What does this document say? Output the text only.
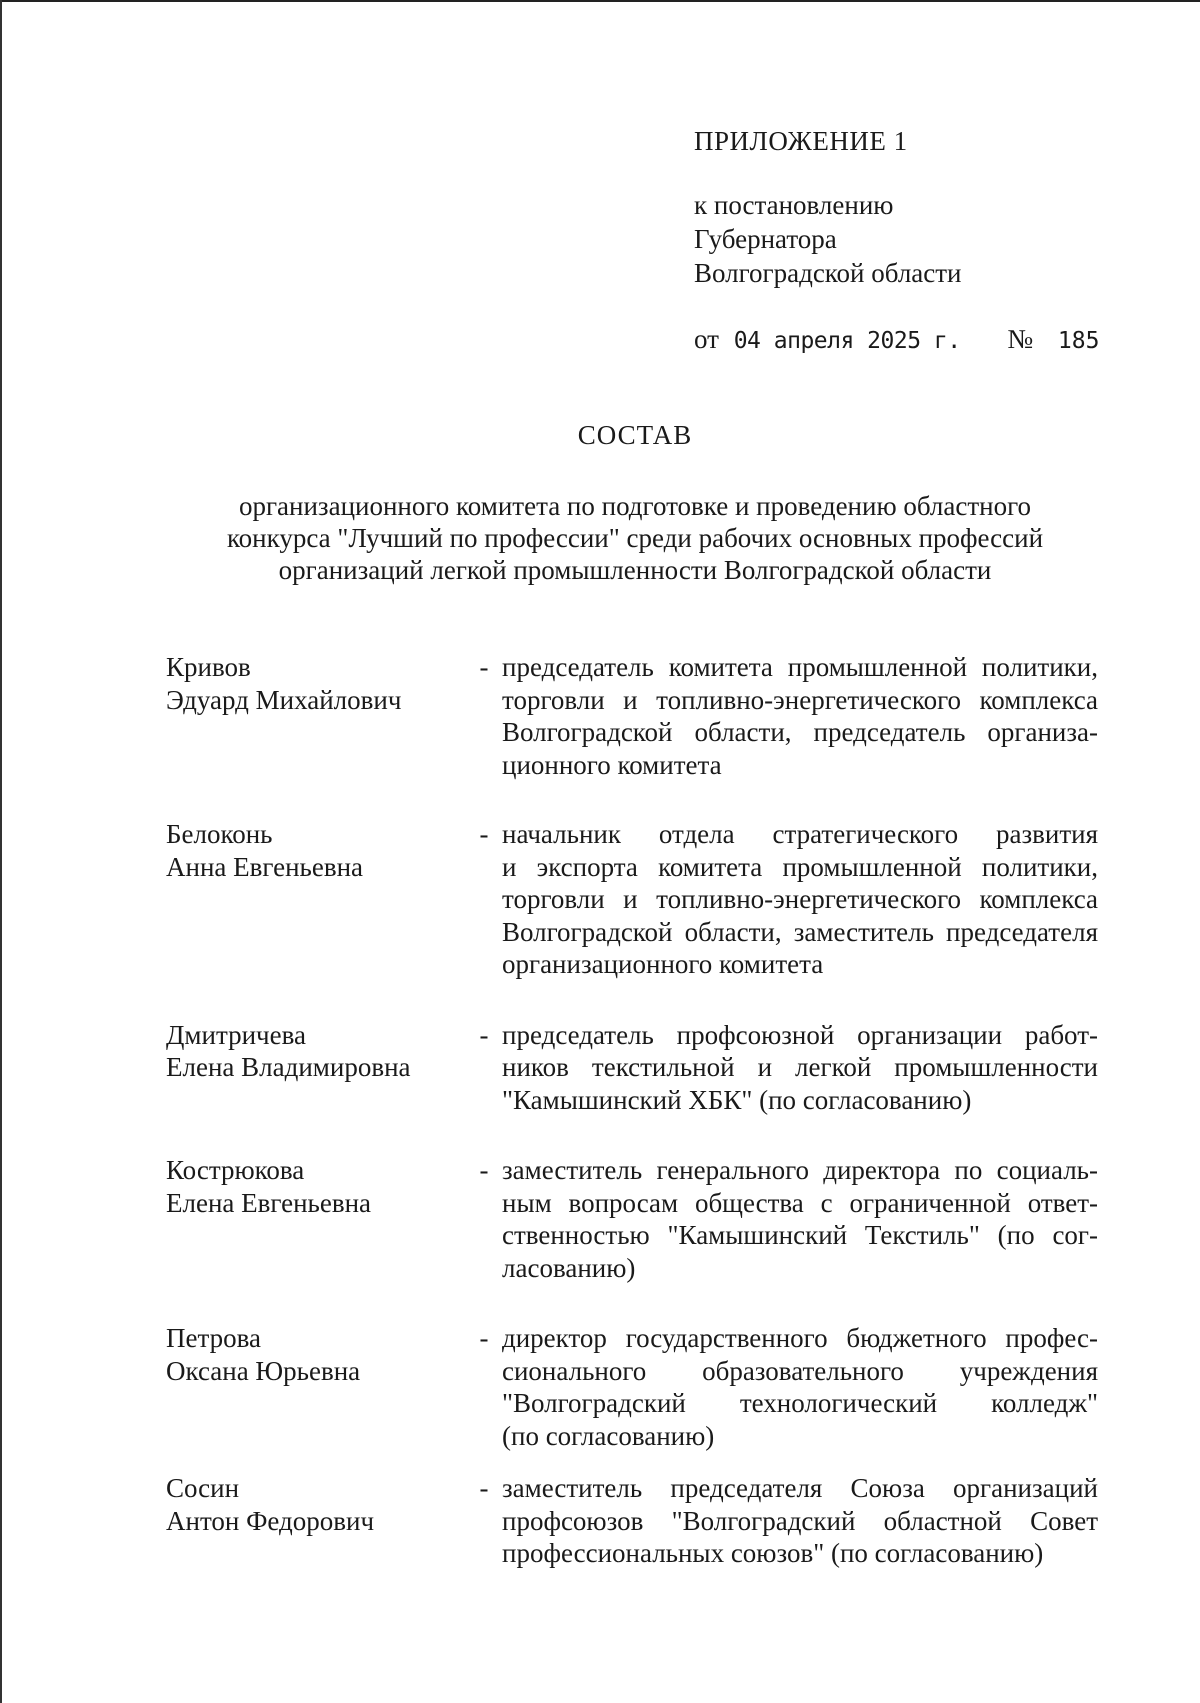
ПРИЛОЖЕНИЕ 1
к постановлению
Губернатора
Волгоградской области
от 04 апреля 2025 г. № 185
СОСТАВ
организационного комитета по подготовке и проведению областного
конкурса "Лучший по профессии" среди рабочих основных профессий
организаций легкой промышленности Волгоградской области
Кривов
Эдуард Михайлович
- председатель комитета промышленной политики,
торговли и топливно-энергетического комплекса
Волгоградской области, председатель организа-
ционного комитета
Белоконь
Анна Евгеньевна
- начальник отдела стратегического развития
и экспорта комитета промышленной политики,
торговли и топливно-энергетического комплекса
Волгоградской области, заместитель председателя
организационного комитета
Дмитричева
Елена Владимировна
- председатель профсоюзной организации работ-
ников текстильной и легкой промышленности
"Камышинский ХБК" (по согласованию)
Кострюкова
Елена Евгеньевна
- заместитель генерального директора по социаль-
ным вопросам общества с ограниченной ответ-
ственностью "Камышинский Текстиль" (по сог-
ласованию)
Петрова
Оксана Юрьевна
- директор государственного бюджетного профес-
сионального образовательного учреждения
"Волгоградский технологический колледж"
(по согласованию)
Сосин
Антон Федорович
- заместитель председателя Союза организаций
профсоюзов "Волгоградский областной Совет
профессиональных союзов" (по согласованию)
